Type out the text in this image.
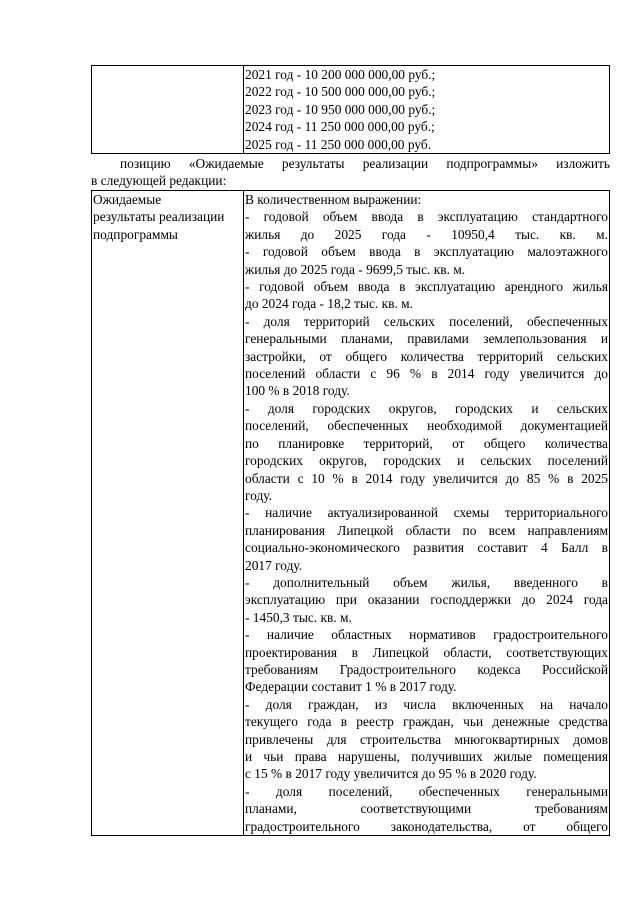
2021 год - 10 200 000 000,00 руб.;
2022 год - 10 500 000 000,00 руб.;
2023 год - 10 950 000 000,00 руб.;
2024 год - 11 250 000 000,00 руб.;
2025 год - 11 250 000 000,00 руб.
позицию «Ожидаемые результаты реализации подпрограммы» изложить
в следующей редакции:
Ожидаемые
результаты реализации
подпрограммы

В количественном выражении:
- годовой объем ввода в эксплуатацию стандартного
жилья до 2025 года - 10950,4 тыс. кв. м.
- годовой объем ввода в эксплуатацию малоэтажного
жилья до 2025 года - 9699,5 тыс. кв. м.
- годовой объем ввода в эксплуатацию арендного жилья
до 2024 года - 18,2 тыс. кв. м.
- доля территорий сельских поселений, обеспеченных
генеральными планами, правилами землепользования и
застройки, от общего количества территорий сельских
поселений области с 96 % в 2014 году увеличится до
100 % в 2018 году.
- доля городских округов, городских и сельских
поселений, обеспеченных необходимой документацией
по планировке территорий, от общего количества
городских округов, городских и сельских поселений
области с 10 % в 2014 году увеличится до 85 % в 2025
году.
- наличие актуализированной схемы территориального
планирования Липецкой области по всем направлениям
социально-экономического развития составит 4 Балл в
2017 году.
- дополнительный объем жилья, введенного в
эксплуатацию при оказании господдержки до 2024 года
- 1450,3 тыс. кв. м.
- наличие областных нормативов градостроительного
проектирования в Липецкой области, соответствующих
требованиям Градостроительного кодекса Российской
Федерации составит 1 % в 2017 году.
- доля граждан, из числа включенных на начало
текущего года в реестр граждан, чьи денежные средства
привлечены для строительства мнюгоквартирных домов
и чьи права нарушены, получивших жилые помещения
с 15 % в 2017 году увеличится до 95 % в 2020 году.
- доля поселений, обеспеченных генеральными
планами, соответствующими требованиям
градостроительного законодательства, от общего
